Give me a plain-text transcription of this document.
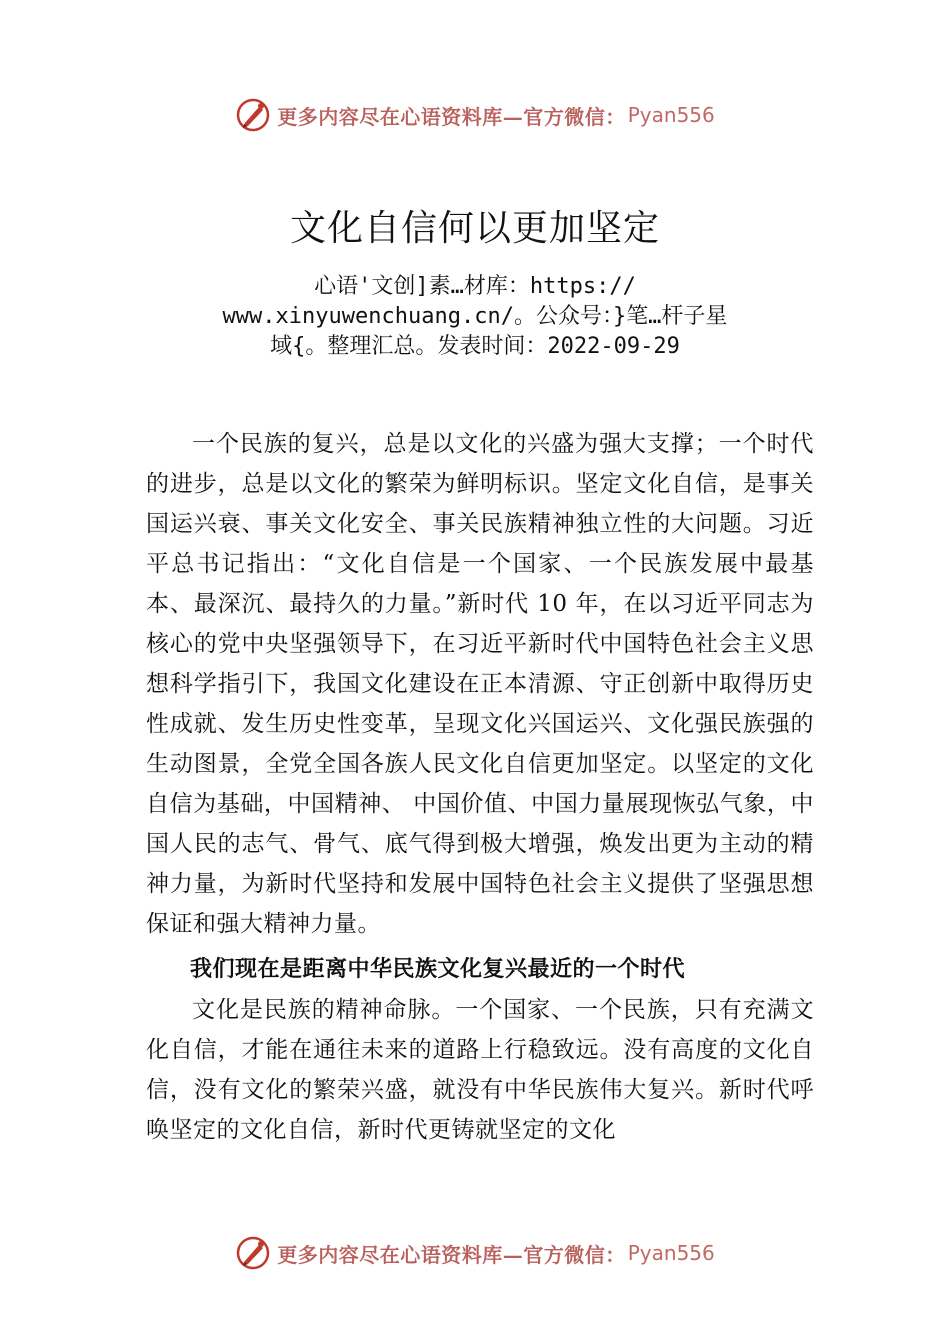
更多内容尽在心语资料库—官方微信： Pyan556
文化自信何以更加坚定
心语'文创]素…材库：https://
www.xinyuwenchuang.cn/。公众号：}笔…杆子星
域{。整理汇总。发表时间：2022-09-29

一个民族的复兴，总是以文化的兴盛为强大支撑；一个时代的进步，总是以文化的繁荣为鲜明标识。坚定文化自信，是事关国运兴衰、事关文化安全、事关民族精神独立性的大问题。习近平总书记指出：“文化自信是一个国家、一个民族发展中最基本、最深沉、最持久的力量。”新时代 10 年，在以习近平同志为核心的党中央坚强领导下，在习近平新时代中国特色社会主义思想科学指引下，我国文化建设在正本清源、守正创新中取得历史性成就、发生历史性变革，呈现文化兴国运兴、文化强民族强的生动图景，全党全国各族人民文化自信更加坚定。以坚定的文化自信为基础，中国精神、 中国价值、中国力量展现恢弘气象，中国人民的志气、骨气、底气得到极大增强，焕发出更为主动的精神力量，为新时代坚持和发展中国特色社会主义提供了坚强思想保证和强大精神力量。

我们现在是距离中华民族文化复兴最近的一个时代

文化是民族的精神命脉。一个国家、一个民族，只有充满文化自信，才能在通往未来的道路上行稳致远。没有高度的文化自信，没有文化的繁荣兴盛，就没有中华民族伟大复兴。新时代呼唤坚定的文化自信，新时代更铸就坚定的文化

更多内容尽在心语资料库—官方微信： Pyan556
